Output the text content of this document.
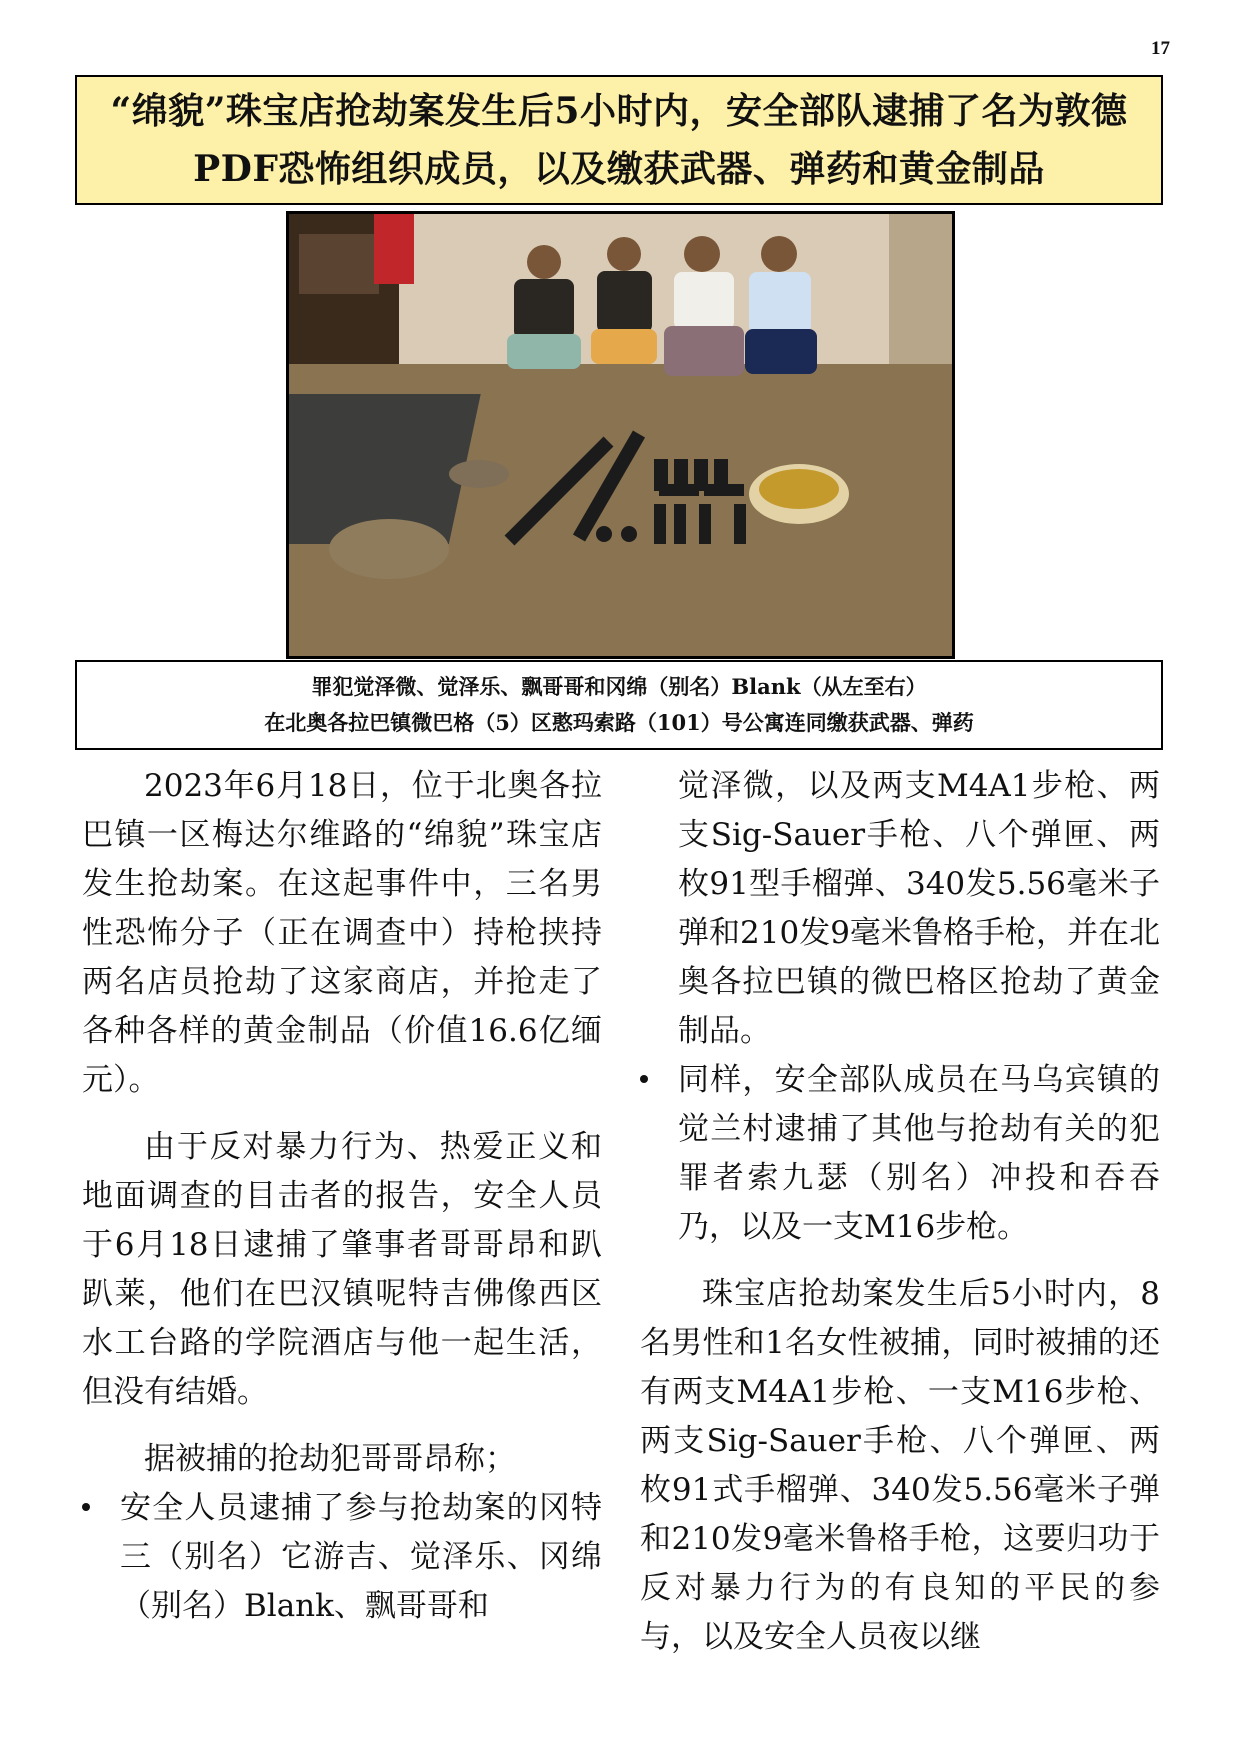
17
“绵貌”珠宝店抢劫案发生后5小时内，安全部队逮捕了名为敦德
PDF恐怖组织成员，以及缴获武器、弹药和黄金制品
罪犯觉泽微、觉泽乐、飘哥哥和冈绵（别名）Blank（从左至右）
在北奥各拉巴镇微巴格（5）区憨玛索路（101）号公寓连同缴获武器、弹药

2023年6月18日，位于北奥各拉巴镇一区梅达尔维路的“绵貌”珠宝店发生抢劫案。在这起事件中，三名男性恐怖分子（正在调查中）持枪挟持两名店员抢劫了这家商店，并抢走了各种各样的黄金制品（价值16.6亿缅元）。

由于反对暴力行为、热爱正义和地面调查的目击者的报告，安全人员于6月18日逮捕了肇事者哥哥昂和趴趴莱，他们在巴汉镇呢特吉佛像西区水工台路的学院酒店与他一起生活，但没有结婚。

据被捕的抢劫犯哥哥昂称；

安全人员逮捕了参与抢劫案的冈特三（别名）它游吉、觉泽乐、冈绵（别名）Blank、飘哥哥和

觉泽微，以及两支M4A1步枪、两支Sig-Sauer手枪、八个弹匣、两枚91型手榴弹、340发5.56毫米子弹和210发9毫米鲁格手枪，并在北奥各拉巴镇的微巴格区抢劫了黄金制品。

同样，安全部队成员在马乌宾镇的觉兰村逮捕了其他与抢劫有关的犯罪者索九瑟（别名）冲投和吞吞乃，以及一支M16步枪。

珠宝店抢劫案发生后5小时内，8名男性和1名女性被捕，同时被捕的还有两支M4A1步枪、一支M16步枪、两支Sig-Sauer手枪、八个弹匣、两枚91式手榴弹、340发5.56毫米子弹和210发9毫米鲁格手枪，这要归功于反对暴力行为的有良知的平民的参与，以及安全人员夜以继
